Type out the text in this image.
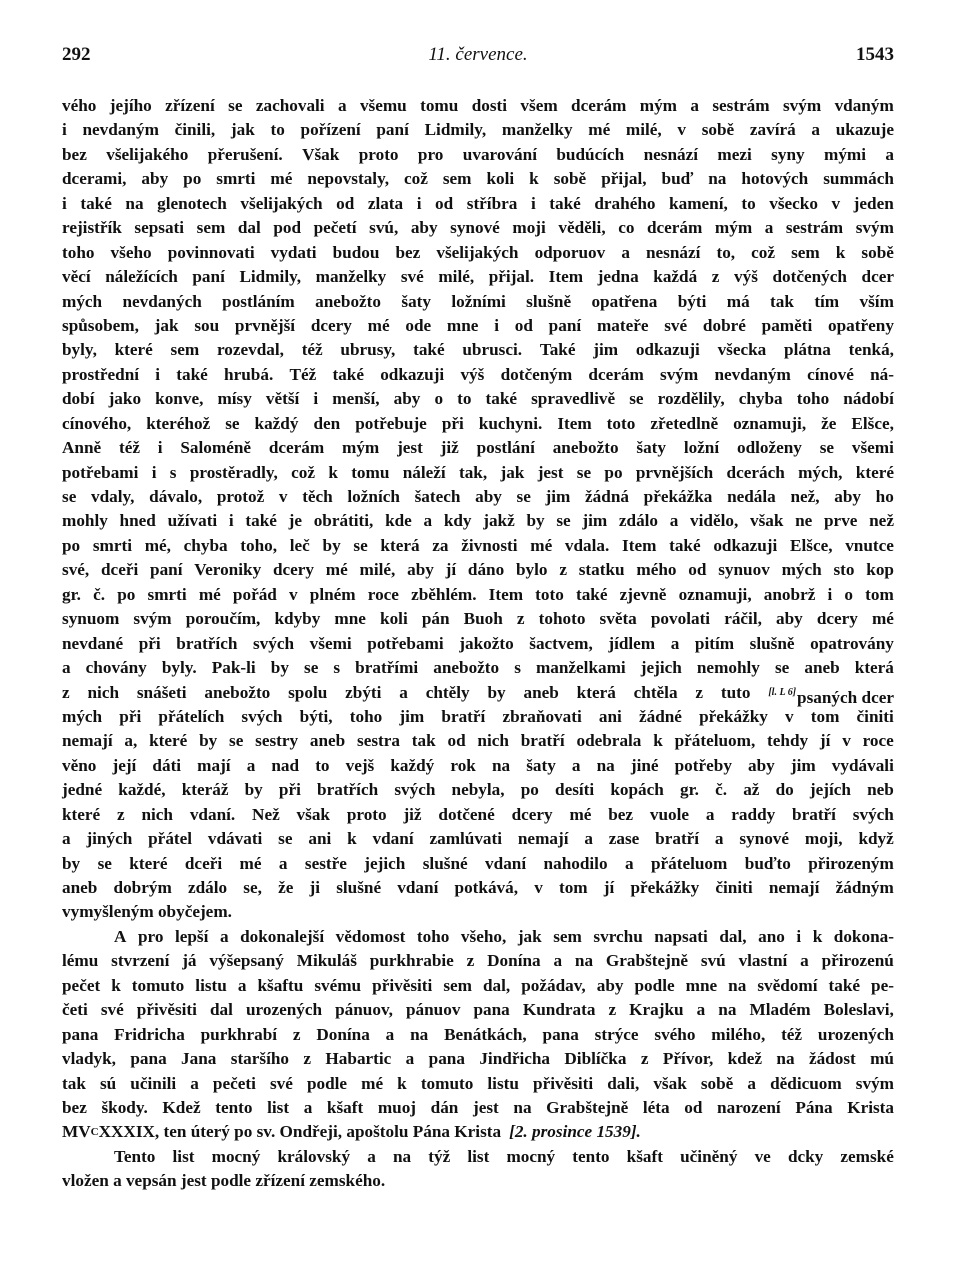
292	11. července.	1543
vého jejího zřízení se zachovali a všemu tomu dosti všem dcerám mým a sestrám svým vdaným
i nevdaným činili, jak to pořízení paní Lidmily, manželky mé milé, v sobě zavírá a ukazuje
bez všelijakého přerušení. Však proto pro uvarování budúcích nesnází mezi syny mými a
dcerami, aby po smrti mé nepovstaly, což sem koli k sobě přijal, buď na hotových summách
i také na glenotech všelijakých od zlata i od stříbra i také drahého kamení, to všecko v jeden
rejistřík sepsati sem dal pod pečetí svú, aby synové moji věděli, co dcerám mým a sestrám svým
toho všeho povinnovati vydati budou bez všelijakých odporuov a nesnází to, což sem k sobě
věcí náležících paní Lidmily, manželky své milé, přijal. Item jedna každá z výš dotčených dcer
mých nevdaných postláním anebožto šaty ložními slušně opatřena býti má tak tím vším
spůsobem, jak sou prvnější dcery mé ode mne i od paní mateře své dobré paměti opatřeny
byly, které sem rozevdal, též ubrusy, také ubrusci. Také jim odkazuji všecka plátna tenká,
prostřední i také hrubá. Též také odkazuji výš dotčeným dcerám svým nevdaným cínové ná-
dobí jako konve, mísy větší i menší, aby o to také spravedlivě se rozdělily, chyba toho nádobí
cínového, kteréhož se každý den potřebuje při kuchyni. Item toto zřetedlně oznamuji, že Elšce,
Anně též i Saloméně dcerám mým jest již postlání anebožto šaty ložní odloženy se všemi
potřebami i s prostěradly, což k tomu náleží tak, jak jest se po prvnějších dcerách mých, které
se vdaly, dávalo, protož v těch ložních šatech aby se jim žádná překážka nedála než, aby ho
mohly hned užívati i také je obrátiti, kde a kdy jakž by se jim zdálo a vidělo, však ne prve než
po smrti mé, chyba toho, leč by se která za živnosti mé vdala. Item také odkazuji Elšce, vnutce
své, dceři paní Veroniky dcery mé milé, aby jí dáno bylo z statku mého od synuov mých sto kop
gr. č. po smrti mé pořád v plném roce zběhlém. Item toto také zjevně oznamuji, anobrž i o tom
synuom svým poroučím, kdyby mne koli pán Buoh z tohoto světa povolati ráčil, aby dcery mé
nevdané při bratřích svých všemi potřebami jakožto šactvem, jídlem a pitím slušně opatrovány
a chovány byly. Pak-li by se s bratřími anebožto s manželkami jejich nemohly se aneb která
z nich snášeti anebožto spolu zbýti a chtěly by aneb která chtěla z tuto [l. L 6]psaných dcer
mých při přátelích svých býti, toho jim bratří zbraňovati ani žádné překážky v tom činiti
nemají a, které by se sestry aneb sestra tak od nich bratří odebrala k přáteluom, tehdy jí v roce
věno její dáti mají a nad to vejš každý rok na šaty a na jiné potřeby aby jim vydávali
jedné každé, kteráž by při bratřích svých nebyla, po desíti kopách gr. č. až do jejích neb
které z nich vdaní. Než však proto již dotčené dcery mé bez vuole a raddy bratří svých
a jiných přátel vdávati se ani k vdaní zamlúvati nemají a zase bratří a synové moji, když
by se které dceři mé a sestře jejich slušné vdaní nahodilo a přáteluom buďto přirozeným
aneb dobrým zdálo se, že ji slušné vdaní potkává, v tom jí překážky činiti nemají žádným
vymyšleným obyčejem.
A pro lepší a dokonalejší vědomost toho všeho, jak sem svrchu napsati dal, ano i k dokona-
lému stvrzení já výšepsaný Mikuláš purkhrabie z Donína a na Grabštejně svú vlastní a přirozenú
pečet k tomuto listu a kšaftu svému přivěsiti sem dal, požádav, aby podle mne na svědomí také pe-
četi své přivěsiti dal urozených pánuov, pánuov pana Kundrata z Krajku a na Mladém Boleslavi,
pana Fridricha purkhrabí z Donína a na Benátkách, pana strýce svého milého, též urozených
vladyk, pana Jana staršího z Habartic a pana Jindřicha Diblíčka z Přívor, kdež na žádost mú
tak sú učinili a pečeti své podle mé k tomuto listu přivěsiti dali, však sobě a dědicuom svým
bez škody. Kdež tento list a kšaft muoj dán jest na Grabštejně léta od narození Pána Krista
MV C XXXIX, ten úterý po sv. Ondřeji, apoštolu Pána Krista [2. prosince 1539].
Tento list mocný královský a na týž list mocný tento kšaft učiněný ve dcky zemské
vložen a vepsán jest podle zřízení zemského.
